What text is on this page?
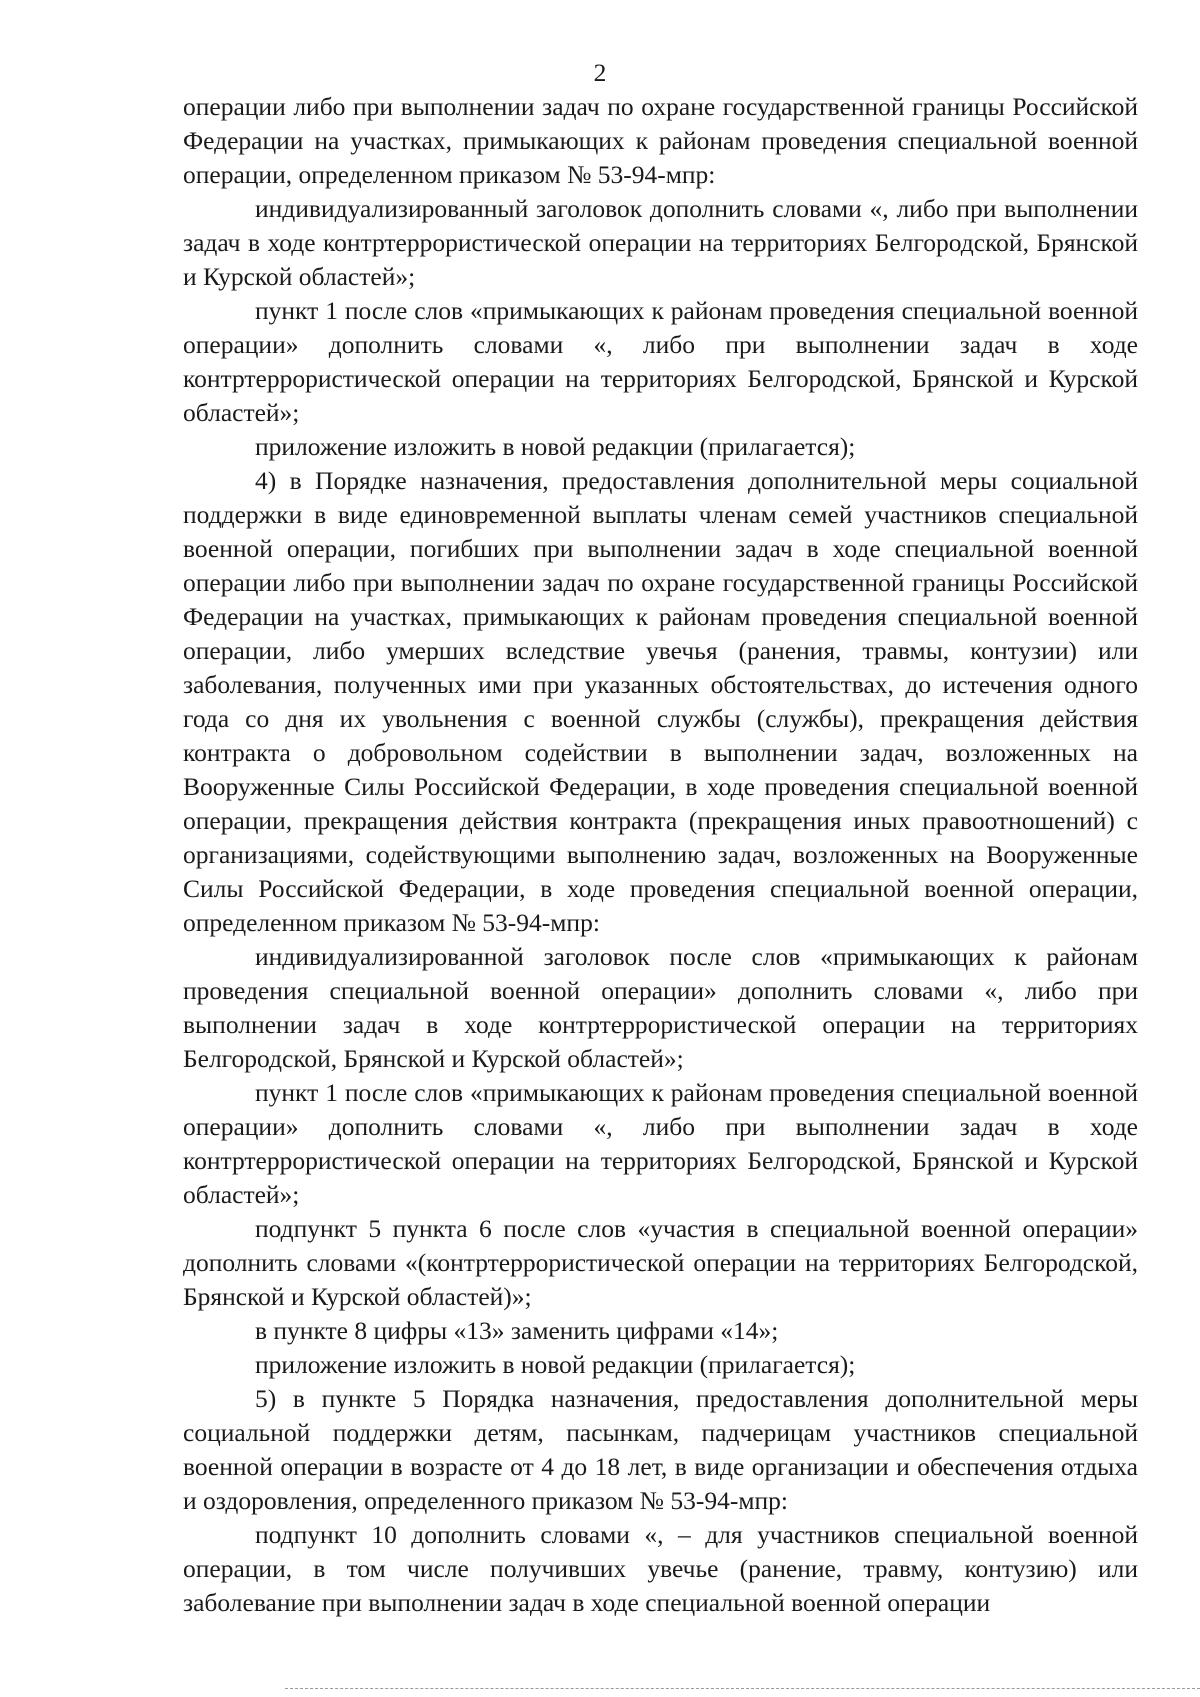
2

операции либо при выполнении задач по охране государственной границы Российской Федерации на участках, примыкающих к районам проведения специальной военной операции, определенном приказом № 53-94-мпр:

индивидуализированный заголовок дополнить словами «, либо при выполнении задач в ходе контртеррористической операции на территориях Белгородской, Брянской и Курской областей»;

пункт 1 после слов «примыкающих к районам проведения специальной военной операции» дополнить словами «, либо при выполнении задач в ходе контртеррористической операции на территориях Белгородской, Брянской и Курской областей»;

приложение изложить в новой редакции (прилагается);

4) в Порядке назначения, предоставления дополнительной меры социальной поддержки в виде единовременной выплаты членам семей участников специальной военной операции, погибших при выполнении задач в ходе специальной военной операции либо при выполнении задач по охране государственной границы Российской Федерации на участках, примыкающих к районам проведения специальной военной операции, либо умерших вследствие увечья (ранения, травмы, контузии) или заболевания, полученных ими при указанных обстоятельствах, до истечения одного года со дня их увольнения с военной службы (службы), прекращения действия контракта о добровольном содействии в выполнении задач, возложенных на Вооруженные Силы Российской Федерации, в ходе проведения специальной военной операции, прекращения действия контракта (прекращения иных правоотношений) с организациями, содействующими выполнению задач, возложенных на Вооруженные Силы Российской Федерации, в ходе проведения специальной военной операции, определенном приказом № 53-94-мпр:

индивидуализированной заголовок после слов «примыкающих к районам проведения специальной военной операции» дополнить словами «, либо при выполнении задач в ходе контртеррористической операции на территориях Белгородской, Брянской и Курской областей»;

пункт 1 после слов «примыкающих к районам проведения специальной военной операции» дополнить словами «, либо при выполнении задач в ходе контртеррористической операции на территориях Белгородской, Брянской и Курской областей»;

подпункт 5 пункта 6 после слов «участия в специальной военной операции» дополнить словами «(контртеррористической операции на территориях Белгородской, Брянской и Курской областей)»;

в пункте 8 цифры «13» заменить цифрами «14»;

приложение изложить в новой редакции (прилагается);

5) в пункте 5 Порядка назначения, предоставления дополнительной меры социальной поддержки детям, пасынкам, падчерицам участников специальной военной операции в возрасте от 4 до 18 лет, в виде организации и обеспечения отдыха и оздоровления, определенного приказом № 53-94-мпр:

подпункт 10 дополнить словами «, – для участников специальной военной операции, в том числе получивших увечье (ранение, травму, контузию) или заболевание при выполнении задач в ходе специальной военной операции
